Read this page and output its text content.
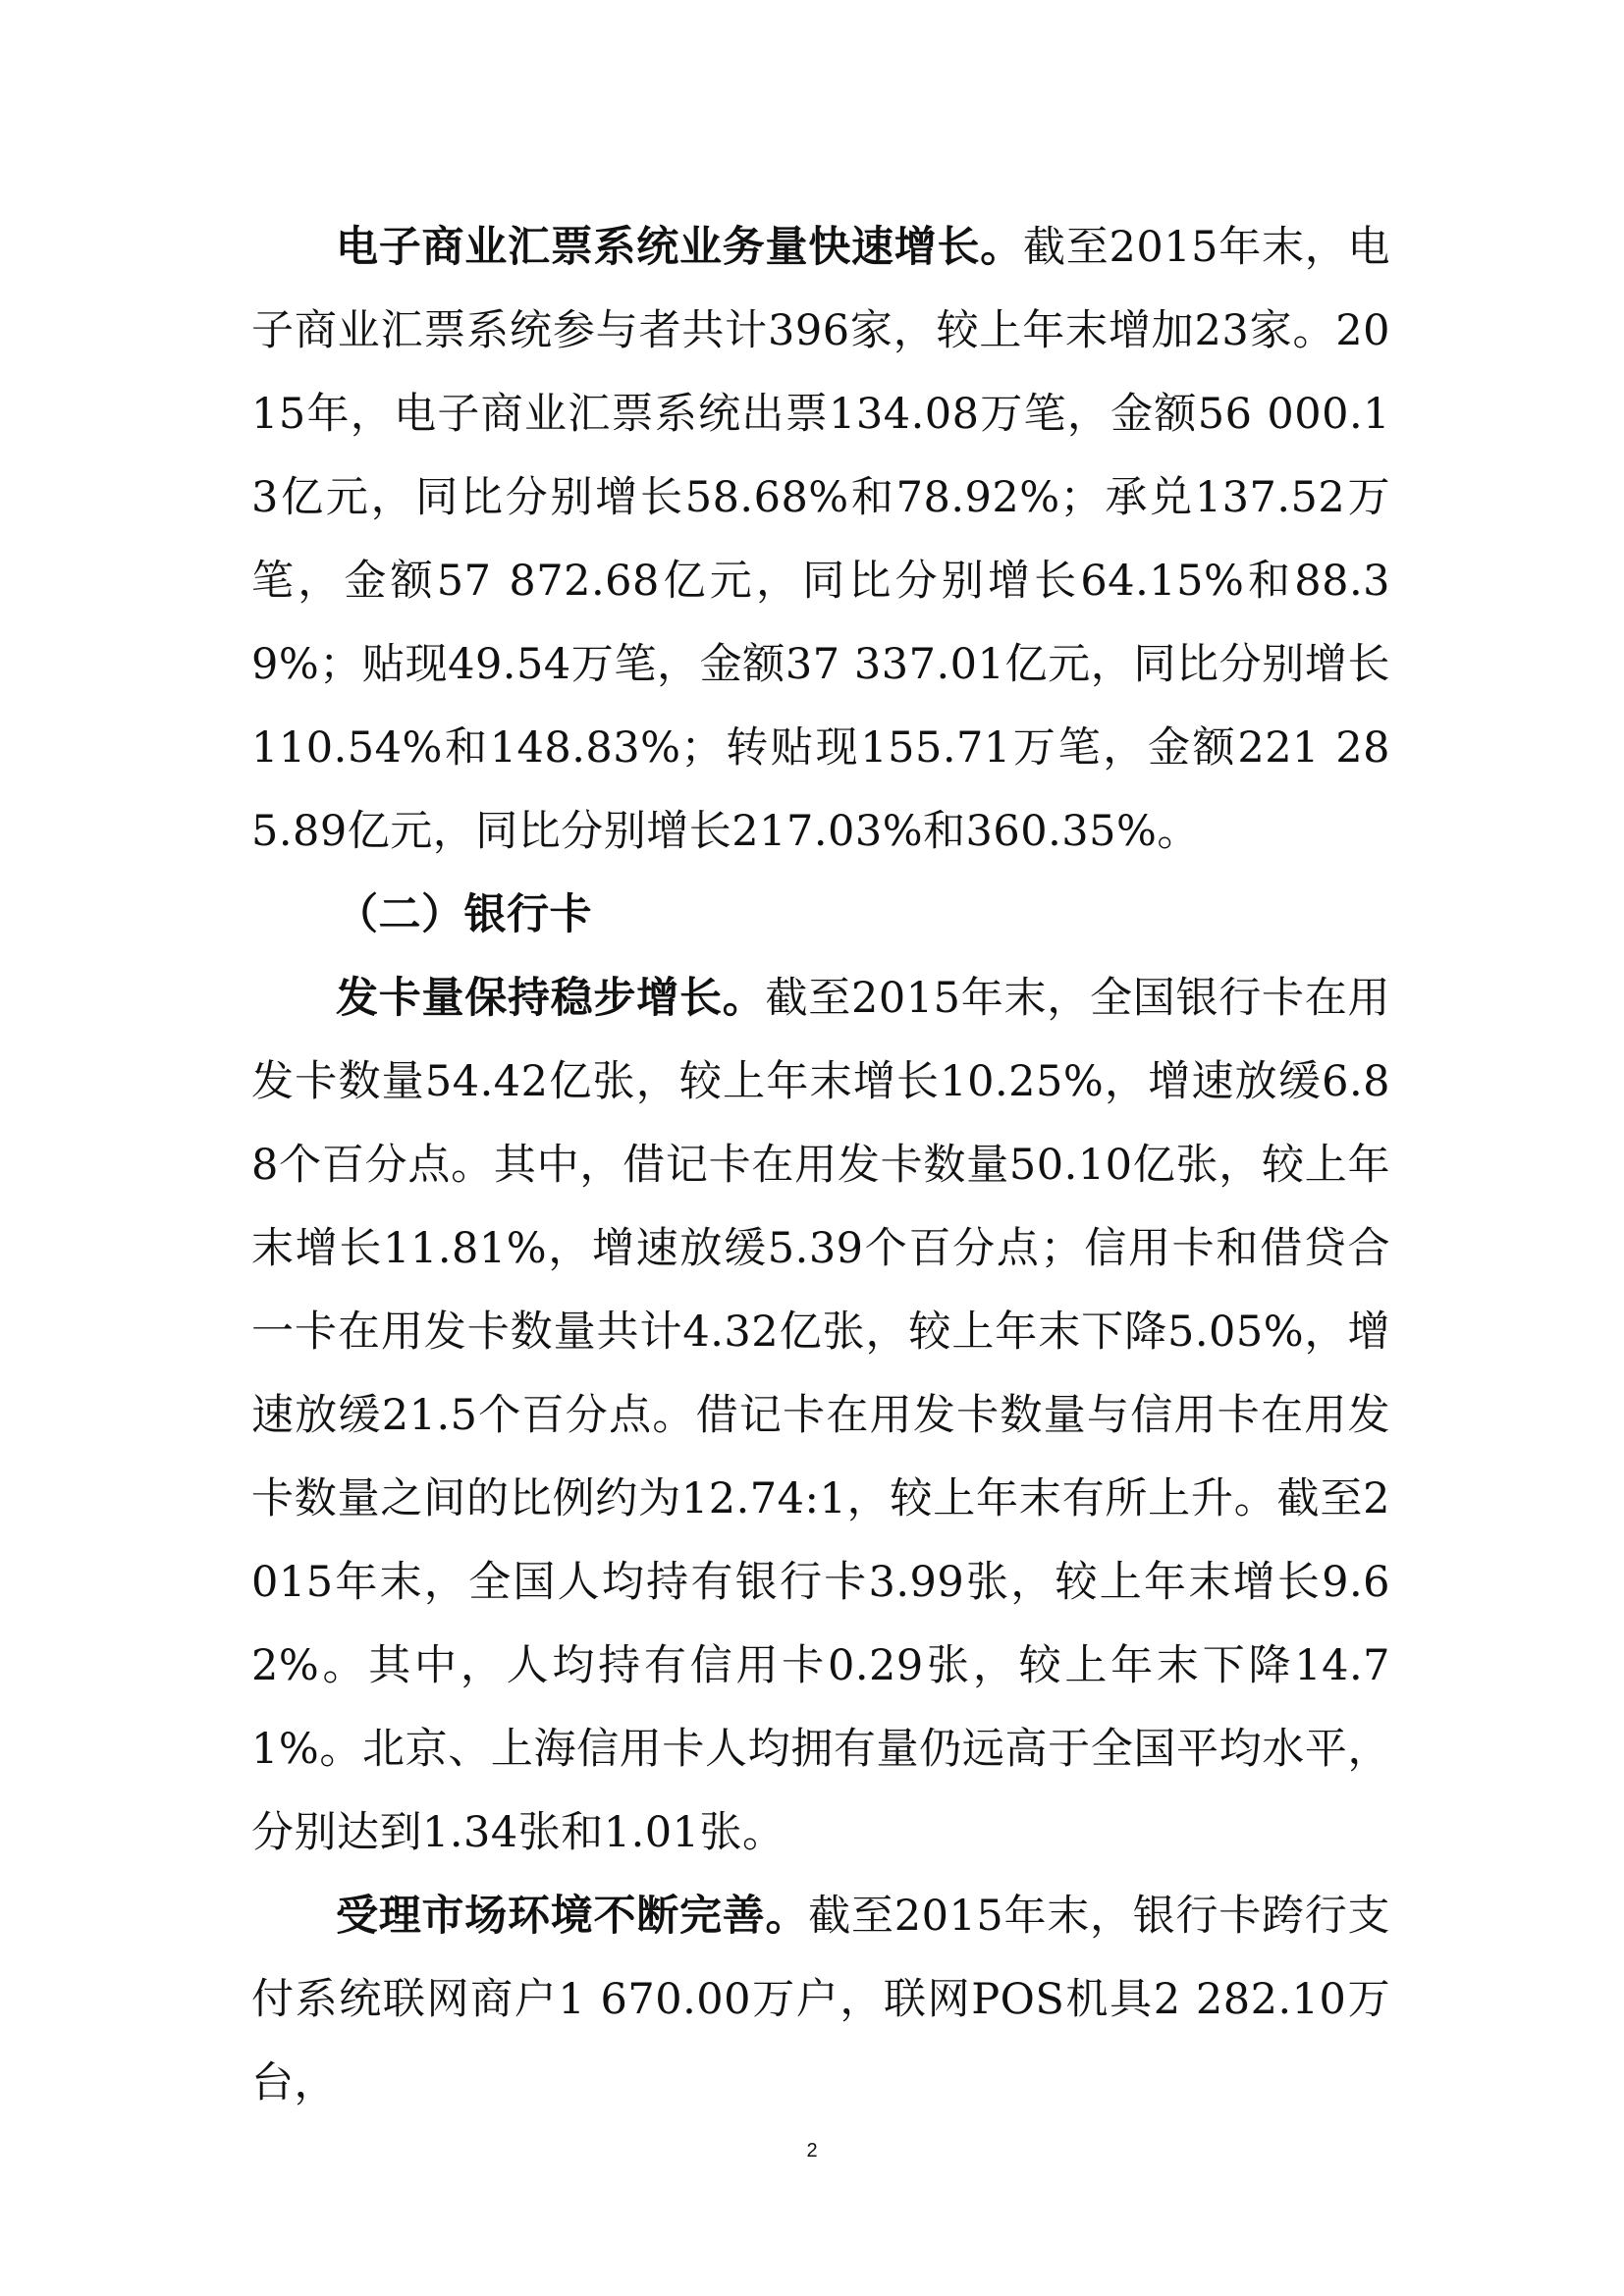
电子商业汇票系统业务量快速增长。截至2015年末，电子商业汇票系统参与者共计396家，较上年末增加23家。2015年，电子商业汇票系统出票134.08万笔，金额56 000.13亿元，同比分别增长58.68%和78.92%；承兑137.52万笔，金额57 872.68亿元，同比分别增长64.15%和88.39%；贴现49.54万笔，金额37 337.01亿元，同比分别增长110.54%和148.83%；转贴现155.71万笔，金额221 285.89亿元，同比分别增长217.03%和360.35%。

（二）银行卡

发卡量保持稳步增长。截至2015年末，全国银行卡在用发卡数量54.42亿张，较上年末增长10.25%，增速放缓6.88个百分点。其中，借记卡在用发卡数量50.10亿张，较上年末增长11.81%，增速放缓5.39个百分点；信用卡和借贷合一卡在用发卡数量共计4.32亿张，较上年末下降5.05%，增速放缓21.5个百分点。借记卡在用发卡数量与信用卡在用发卡数量之间的比例约为12.74:1，较上年末有所上升。截至2015年末，全国人均持有银行卡3.99张，较上年末增长9.62%。其中，人均持有信用卡0.29张，较上年末下降14.71%。北京、上海信用卡人均拥有量仍远高于全国平均水平，分别达到1.34张和1.01张。

受理市场环境不断完善。截至2015年末，银行卡跨行支付系统联网商户1 670.00万户，联网POS机具2 282.10万台，

2
